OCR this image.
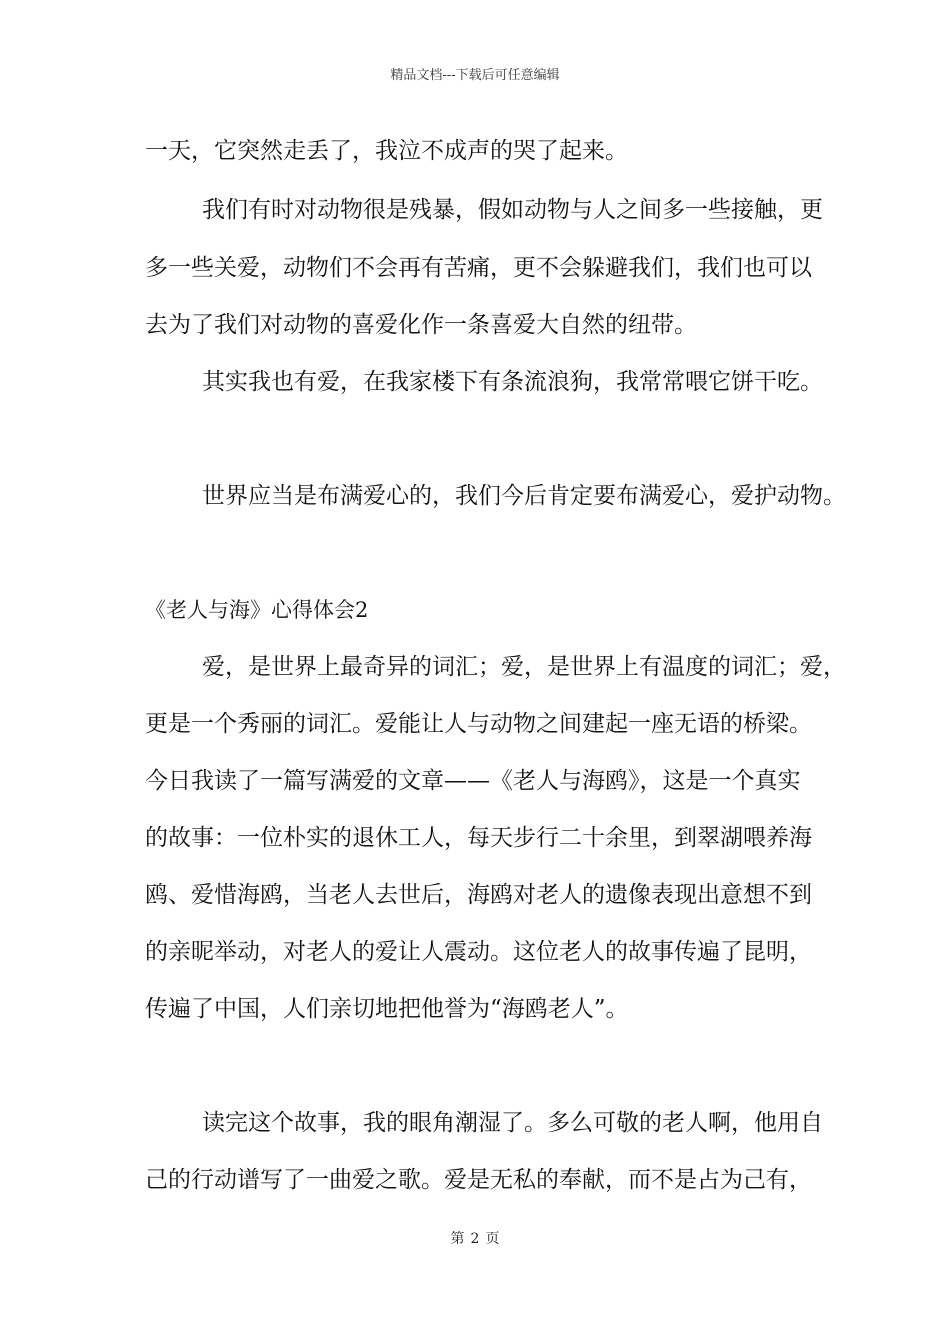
精品文档---下载后可任意编辑
一天，它突然走丢了，我泣不成声的哭了起来。
我们有时对动物很是残暴，假如动物与人之间多一些接触，更
多一些关爱，动物们不会再有苦痛，更不会躲避我们，我们也可以
去为了我们对动物的喜爱化作一条喜爱大自然的纽带。
其实我也有爱，在我家楼下有条流浪狗，我常常喂它饼干吃。
世界应当是布满爱心的，我们今后肯定要布满爱心，爱护动物。
《老人与海》心得体会2
爱，是世界上最奇异的词汇；爱，是世界上有温度的词汇；爱，
更是一个秀丽的词汇。爱能让人与动物之间建起一座无语的桥梁。
今日我读了一篇写满爱的文章——《老人与海鸥》，这是一个真实
的故事：一位朴实的退休工人，每天步行二十余里，到翠湖喂养海
鸥、爱惜海鸥，当老人去世后，海鸥对老人的遗像表现出意想不到
的亲昵举动，对老人的爱让人震动。这位老人的故事传遍了昆明，
传遍了中国，人们亲切地把他誉为“海鸥老人”。
读完这个故事，我的眼角潮湿了。多么可敬的老人啊，他用自
己的行动谱写了一曲爱之歌。爱是无私的奉献，而不是占为己有，
第 2 页
